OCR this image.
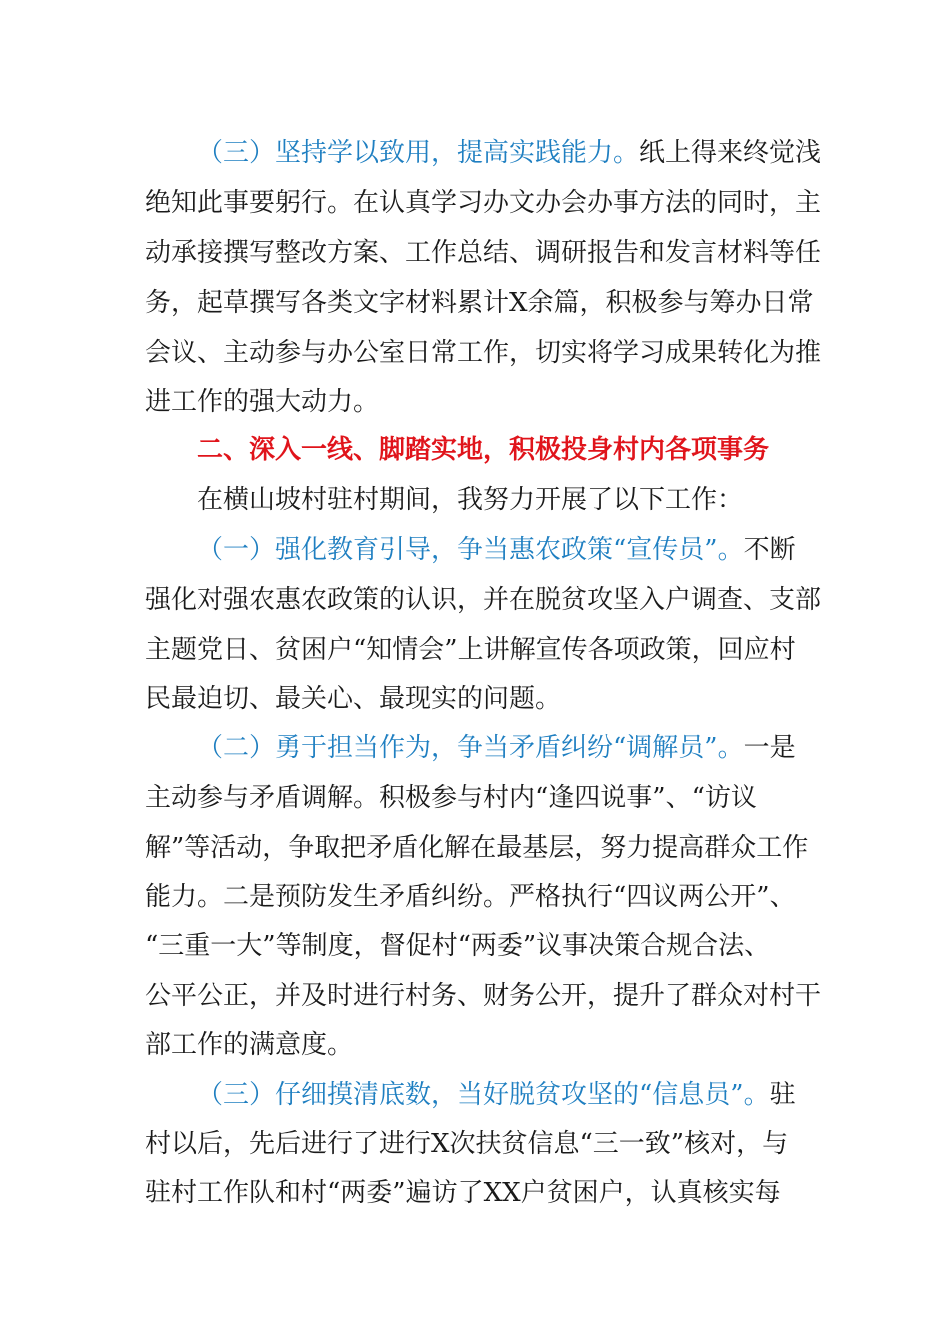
（三）坚持学以致用，提高实践能力。纸上得来终觉浅
绝知此事要躬行。在认真学习办文办会办事方法的同时，主
动承接撰写整改方案、工作总结、调研报告和发言材料等任
务，起草撰写各类文字材料累计X余篇，积极参与筹办日常
会议、主动参与办公室日常工作，切实将学习成果转化为推
进工作的强大动力。
二、深入一线、脚踏实地，积极投身村内各项事务
在横山坡村驻村期间，我努力开展了以下工作：
（一）强化教育引导，争当惠农政策“宣传员”。不断
强化对强农惠农政策的认识，并在脱贫攻坚入户调查、支部
主题党日、贫困户“知情会”上讲解宣传各项政策，回应村
民最迫切、最关心、最现实的问题。
（二）勇于担当作为，争当矛盾纠纷“调解员”。一是
主动参与矛盾调解。积极参与村内“逢四说事”、“访议
解”等活动，争取把矛盾化解在最基层，努力提高群众工作
能力。二是预防发生矛盾纠纷。严格执行“四议两公开”、
“三重一大”等制度，督促村“两委”议事决策合规合法、
公平公正，并及时进行村务、财务公开，提升了群众对村干
部工作的满意度。
（三）仔细摸清底数，当好脱贫攻坚的“信息员”。驻
村以后，先后进行了进行X次扶贫信息“三一致”核对，与
驻村工作队和村“两委”遍访了XX户贫困户，认真核实每
